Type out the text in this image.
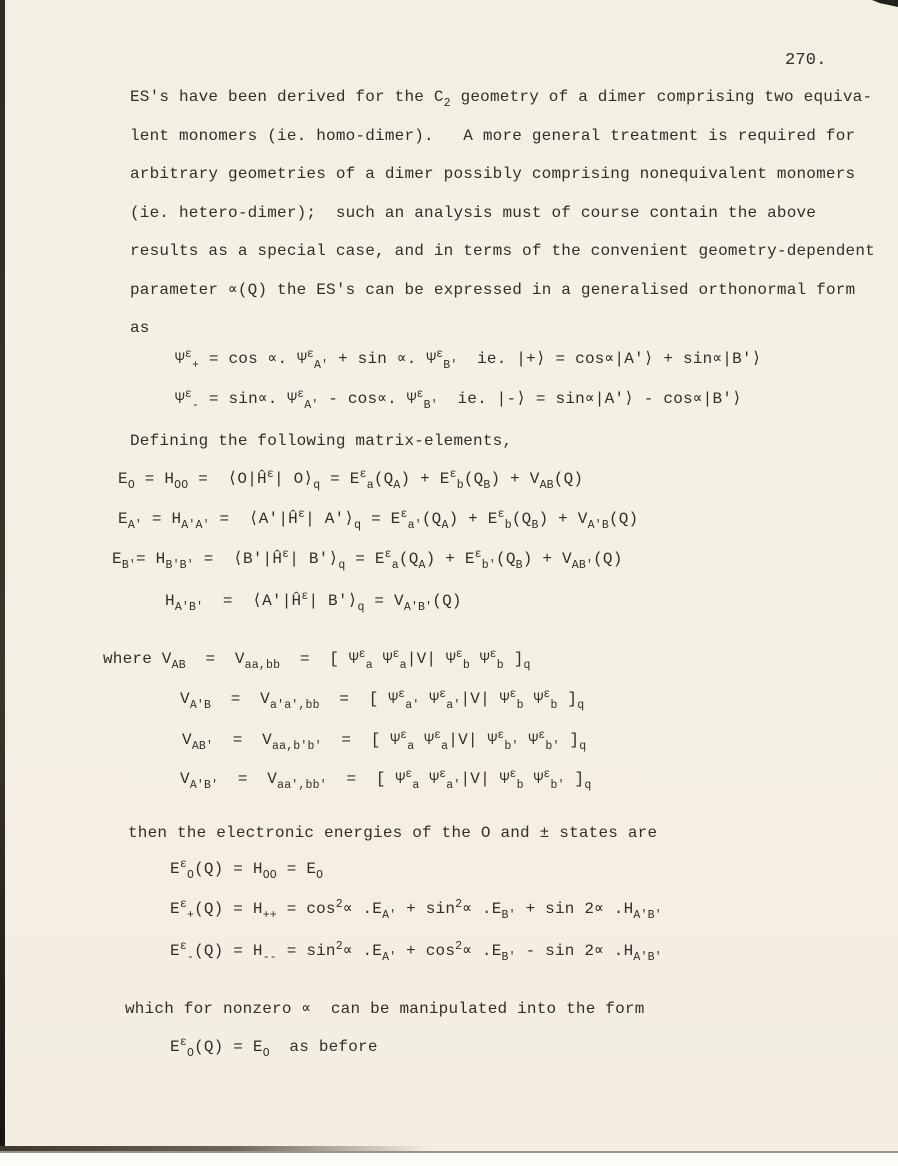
270.
ES's have been derived for the $C_2$ geometry of a dimer comprising two equiva-
lent monomers (ie. homo-dimer).   A more general treatment is required for
arbitrary geometries of a dimer possibly comprising nonequivalent monomers
(ie. hetero-dimer);  such an analysis must of course contain the above
results as a special case, and in terms of the convenient geometry-dependent
parameter ∝(Q) the ES's can be expressed in a generalised orthonormal form
as
$\Psi^\varepsilon_+ = \cos$ ∝. $\Psi^\varepsilon_{A'} + \sin$ ∝. $\Psi^\varepsilon_{B'}$  ie. |+⟩ = cos∝|A'⟩ + sin∝|B'⟩
$\Psi^\varepsilon_- = \sin\propto$. $\Psi^\varepsilon_{A'} - \cos\propto$. $\Psi^\varepsilon_{B'}$  ie. |-⟩ = sin∝|A'⟩ - cos∝|B'⟩
Defining the following matrix-elements,
$E_O = H_{OO}$ =  $⟨O|Ĥ^\varepsilon|$ $O⟩_q = E^\varepsilon_a(Q_A) + E^\varepsilon_b(Q_B) + V_{AB}(Q)$
$E_{A'} = H_{A'A'}$ =  $⟨A'|Ĥ^\varepsilon|$ $A'⟩_q = E^\varepsilon_{a'}(Q_A) + E^\varepsilon_b(Q_B) + V_{A'B}(Q)$
$E_{B'}= H_{B'B'}$ =  $⟨B'|Ĥ^\varepsilon|$ $B'⟩_q = E^\varepsilon_a(Q_A) + E^\varepsilon_{b'}(Q_B) + V_{AB'}(Q)$
$H_{A'B'}$  =  $⟨A'|Ĥ^\varepsilon|$ $B'⟩_q = V_{A'B'}(Q)$
where $V_{AB} = V_{aa,bb}$  =  [ $\Psi^\varepsilon_a$ $\Psi^\varepsilon_a|V|$ $\Psi^\varepsilon_b$ $\Psi^\varepsilon_b$ ]$_q$
$V_{A'B} = V_{a'a',bb}$  =  [ $\Psi^\varepsilon_{a'}$ $\Psi^\varepsilon_{a'}|V|$ $\Psi^\varepsilon_b$ $\Psi^\varepsilon_b$ ]$_q$
$V_{AB'} = V_{aa,b'b'}$  =  [ $\Psi^\varepsilon_a$ $\Psi^\varepsilon_a|V|$ $\Psi^\varepsilon_{b'}$ $\Psi^\varepsilon_{b'}$ ]$_q$
$V_{A'B'} = V_{aa',bb'}$  =  [ $\Psi^\varepsilon_a$ $\Psi^\varepsilon_{a'}|V|$ $\Psi^\varepsilon_b$ $\Psi^\varepsilon_{b'}$ ]$_q$
then the electronic energies of the O and ± states are
$E^\varepsilon_O(Q) = H_{OO} = E_O$
$E^\varepsilon_+(Q) = H_{++} = \cos^2\propto .E_{A'} + \sin^2\propto .E_{B'} + \sin 2\propto .H_{A'B'}$
$E^\varepsilon_-(Q) = H_{--} = \sin^2\propto .E_{A'} + \cos^2\propto .E_{B'} - \sin 2\propto .H_{A'B'}$
which for nonzero ∝  can be manipulated into the form
$E^\varepsilon_O(Q) = E_O$  as before
